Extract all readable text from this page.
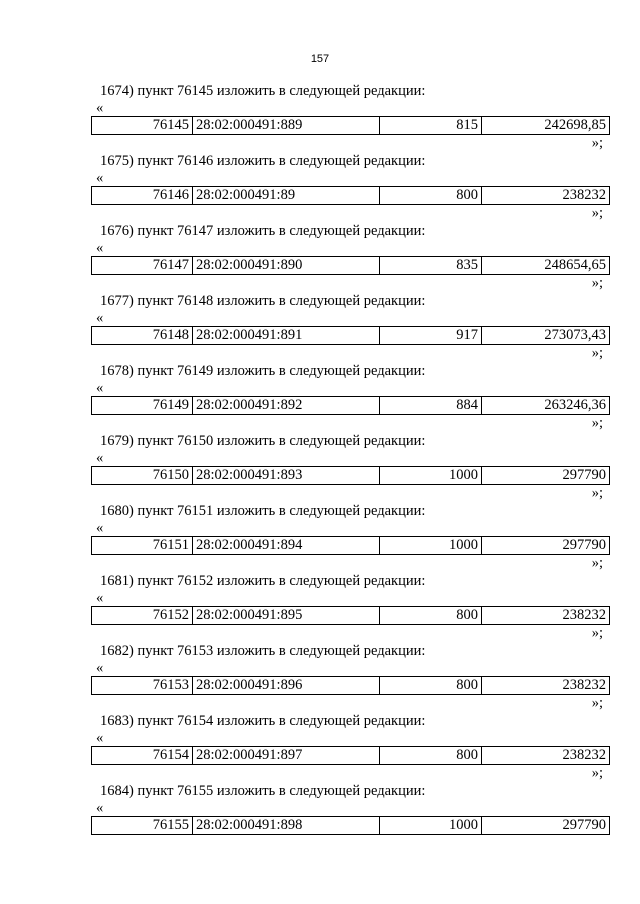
157
1674) пункт 76145 изложить в следующей редакции:
«
76145	28:02:000491:889	815	242698,85
»;
1675) пункт 76146 изложить в следующей редакции:
«
76146	28:02:000491:89	800	238232
»;
1676) пункт 76147 изложить в следующей редакции:
«
76147	28:02:000491:890	835	248654,65
»;
1677) пункт 76148 изложить в следующей редакции:
«
76148	28:02:000491:891	917	273073,43
»;
1678) пункт 76149 изложить в следующей редакции:
«
76149	28:02:000491:892	884	263246,36
»;
1679) пункт 76150 изложить в следующей редакции:
«
76150	28:02:000491:893	1000	297790
»;
1680) пункт 76151 изложить в следующей редакции:
«
76151	28:02:000491:894	1000	297790
»;
1681) пункт 76152 изложить в следующей редакции:
«
76152	28:02:000491:895	800	238232
»;
1682) пункт 76153 изложить в следующей редакции:
«
76153	28:02:000491:896	800	238232
»;
1683) пункт 76154 изложить в следующей редакции:
«
76154	28:02:000491:897	800	238232
»;
1684) пункт 76155 изложить в следующей редакции:
«
76155	28:02:000491:898	1000	297790
